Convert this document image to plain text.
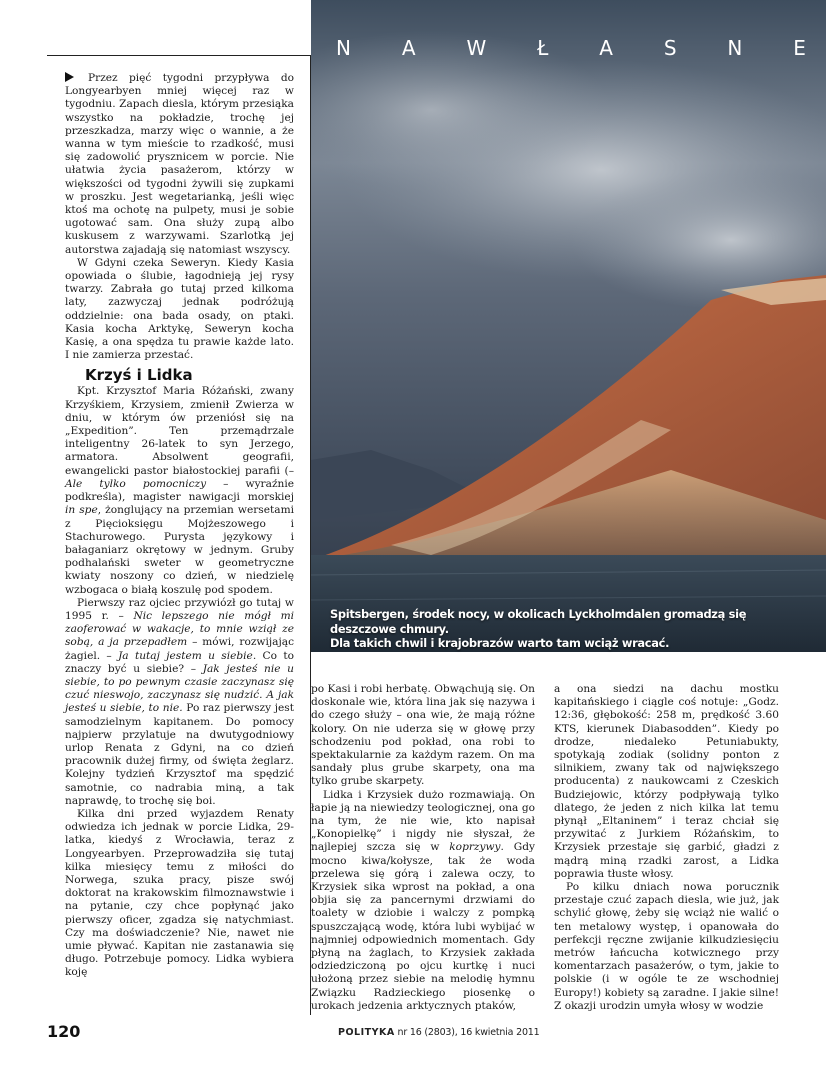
N	A	W	Ł	A	S	N	E
Spitsbergen, środek nocy, w okolicach Lyckholmdalen gromadzą się deszczowe chmury.
Dla takich chwil i krajobrazów warto tam wciąż wracać.

Przez pięć tygodni przypływa do Longyearbyen mniej więcej raz w tygodniu. Zapach diesla, którym przesiąka wszystko na pokładzie, trochę jej przeszkadza, marzy więc o wannie, a że wanna w tym mieście to rzadkość, musi się zadowolić prysznicem w porcie. Nie ułatwia życia pasażerom, którzy w większości od tygodni żywili się zupkami w proszku. Jest wegetarianką, jeśli więc ktoś ma ochotę na pulpety, musi je sobie ugotować sam. Ona służy zupą albo kuskusem z warzywami. Szarlotką jej autorstwa zajadają się natomiast wszyscy.

W Gdyni czeka Seweryn. Kiedy Kasia opowiada o ślubie, łagodnieją jej rysy twarzy. Zabrała go tutaj przed kilkoma laty, zazwyczaj jednak podróżują oddzielnie: ona bada osady, on ptaki. Kasia kocha Arktykę, Seweryn kocha Kasię, a ona spędza tu prawie każde lato. I nie zamierza przestać.

Krzyś i Lidka

Kpt. Krzysztof Maria Różański, zwany Krzyśkiem, Krzysiem, zmienił Zwierza w dniu, w którym ów przeniósł się na „Expedition”. Ten przemądrzale inteligentny 26-latek to syn Jerzego, armatora. Absolwent geografii, ewangelicki pastor białostockiej parafii (– Ale tylko pomocniczy – wyraźnie podkreśla), magister nawigacji morskiej in spe, żonglujący na przemian wersetami z Pięcioksięgu Mojżeszowego i Stachurowego. Purysta językowy i bałaganiarz okrętowy w jednym. Gruby podhalański sweter w geometryczne kwiaty noszony co dzień, w niedzielę wzbogaca o białą koszulę pod spodem.

Pierwszy raz ojciec przywiózł go tutaj w 1995 r. – Nic lepszego nie mógł mi zaoferować w wakacje, to mnie wziął ze sobą, a ja przepadłem – mówi, rozwijając żagiel. – Ja tutaj jestem u siebie. Co to znaczy być u siebie? – Jak jesteś nie u siebie, to po pewnym czasie zaczynasz się czuć nieswojo, zaczynasz się nudzić. A jak jesteś u siebie, to nie. Po raz pierwszy jest samodzielnym kapitanem. Do pomocy najpierw przylatuje na dwutygodniowy urlop Renata z Gdyni, na co dzień pracownik dużej firmy, od święta żeglarz. Kolejny tydzień Krzysztof ma spędzić samotnie, co nadrabia miną, a tak naprawdę, to trochę się boi.

Kilka dni przed wyjazdem Renaty odwiedza ich jednak w porcie Lidka, 29-latka, kiedyś z Wrocławia, teraz z Longyearbyen. Przeprowadziła się tutaj kilka miesięcy temu z miłości do Norwega, szuka pracy, pisze swój doktorat na krakowskim filmoznawstwie i na pytanie, czy chce popłynąć jako pierwszy oficer, zgadza się natychmiast. Czy ma doświadczenie? Nie, nawet nie umie pływać. Kapitan nie zastanawia się długo. Potrzebuje pomocy. Lidka wybiera koję

po Kasi i robi herbatę. Obwąchują się. On doskonale wie, która lina jak się nazywa i do czego służy – ona wie, że mają różne kolory. On nie uderza się w głowę przy schodzeniu pod pokład, ona robi to spektakularnie za każdym razem. On ma sandały plus grube skarpety, ona ma tylko grube skarpety.

Lidka i Krzysiek dużo rozmawiają. On łapie ją na niewiedzy teologicznej, ona go na tym, że nie wie, kto napisał „Konopielkę” i nigdy nie słyszał, że najlepiej szcza się w koprzywy. Gdy mocno kiwa/kołysze, tak że woda przelewa się górą i zalewa oczy, to Krzysiek sika wprost na pokład, a ona objia się za pancernymi drzwiami do toalety w dziobie i walczy z pompką spuszczającą wodę, która lubi wybijać w najmniej odpowiednich momentach. Gdy płyną na żaglach, to Krzysiek zakłada odziedziczoną po ojcu kurtkę i nuci ułożoną przez siebie na melodię hymnu Związku Radzieckiego piosenkę o urokach jedzenia arktycznych ptaków,

a ona siedzi na dachu mostku kapitańskiego i ciągle coś notuje: „Godz. 12:36, głębokość: 258 m, prędkość 3.60 KTS, kierunek Diabasodden”. Kiedy po drodze, niedaleko Petuniabukty, spotykają zodiak (solidny ponton z silnikiem, zwany tak od największego producenta) z naukowcami z Czeskich Budziejowic, którzy podpływają tylko dlatego, że jeden z nich kilka lat temu płynął „Eltaninem” i teraz chciał się przywitać z Jurkiem Różańskim, to Krzysiek przestaje się garbić, gładzi z mądrą miną rzadki zarost, a Lidka poprawia tłuste włosy.

Po kilku dniach nowa porucznik przestaje czuć zapach diesla, wie już, jak schylić głowę, żeby się wciąż nie walić o ten metalowy występ, i opanowała do perfekcji ręczne zwijanie kilkudziesięciu metrów łańcucha kotwicznego przy komentarzach pasażerów, o tym, jakie to polskie (i w ogóle te ze wschodniej Europy!) kobiety są zaradne. I jakie silne! Z okazji urodzin umyła włosy w wodzie

120	POLITYKA nr 16 (2803), 16 kwietnia 2011
